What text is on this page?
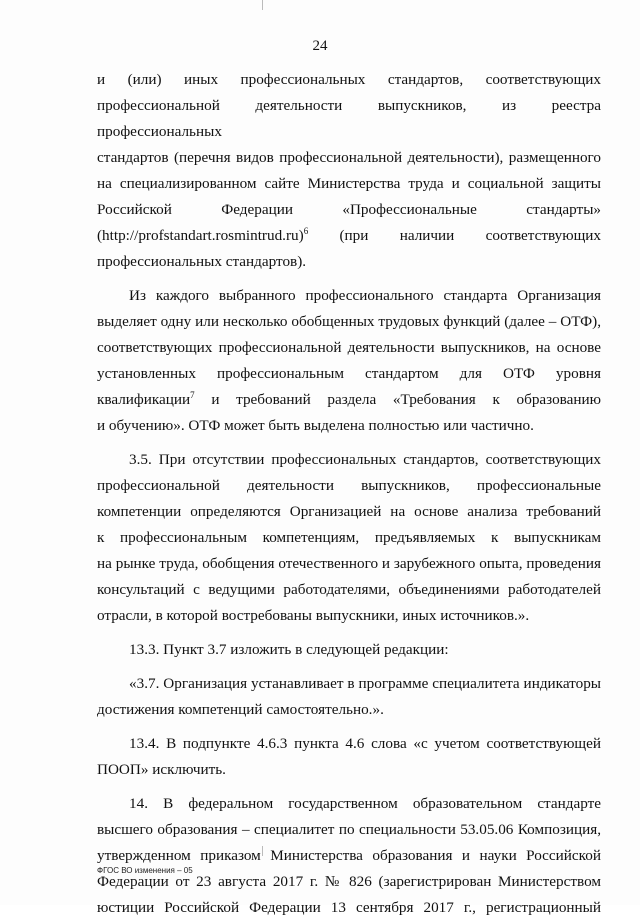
24

и (или) иных профессиональных стандартов, соответствующих

профессиональной деятельности выпускников, из реестра профессиональных

стандартов (перечня видов профессиональной деятельности), размещенного

на специализированном сайте Министерства труда и социальной защиты

Российской Федерации «Профессиональные стандарты»

(http://profstandart.rosmintrud.ru)$^6$ (при наличии соответствующих

профессиональных стандартов).

Из каждого выбранного профессионального стандарта Организация

выделяет одну или несколько обобщенных трудовых функций (далее – ОТФ),

соответствующих профессиональной деятельности выпускников, на основе

установленных профессиональным стандартом для ОТФ уровня

квалификации$^7$ и требований раздела «Требования к образованию

и обучению». ОТФ может быть выделена полностью или частично.

3.5. При отсутствии профессиональных стандартов, соответствующих

профессиональной деятельности выпускников, профессиональные

компетенции определяются Организацией на основе анализа требований

к профессиональным компетенциям, предъявляемых к выпускникам

на рынке труда, обобщения отечественного и зарубежного опыта, проведения

консультаций с ведущими работодателями, объединениями работодателей

отрасли, в которой востребованы выпускники, иных источников.».

13.3. Пункт 3.7 изложить в следующей редакции:

«3.7. Организация устанавливает в программе специалитета индикаторы

достижения компетенций самостоятельно.».

13.4. В подпункте 4.6.3 пункта 4.6 слова «с учетом соответствующей

ПООП» исключить.

14. В федеральном государственном образовательном стандарте

высшего образования – специалитет по специальности 53.05.06 Композиция,

утвержденном приказом Министерства образования и науки Российской

Федерации от 23 августа 2017 г. № 826 (зарегистрирован Министерством

юстиции Российской Федерации 13 сентября 2017 г., регистрационный

ФГОС ВО изменения – 05
